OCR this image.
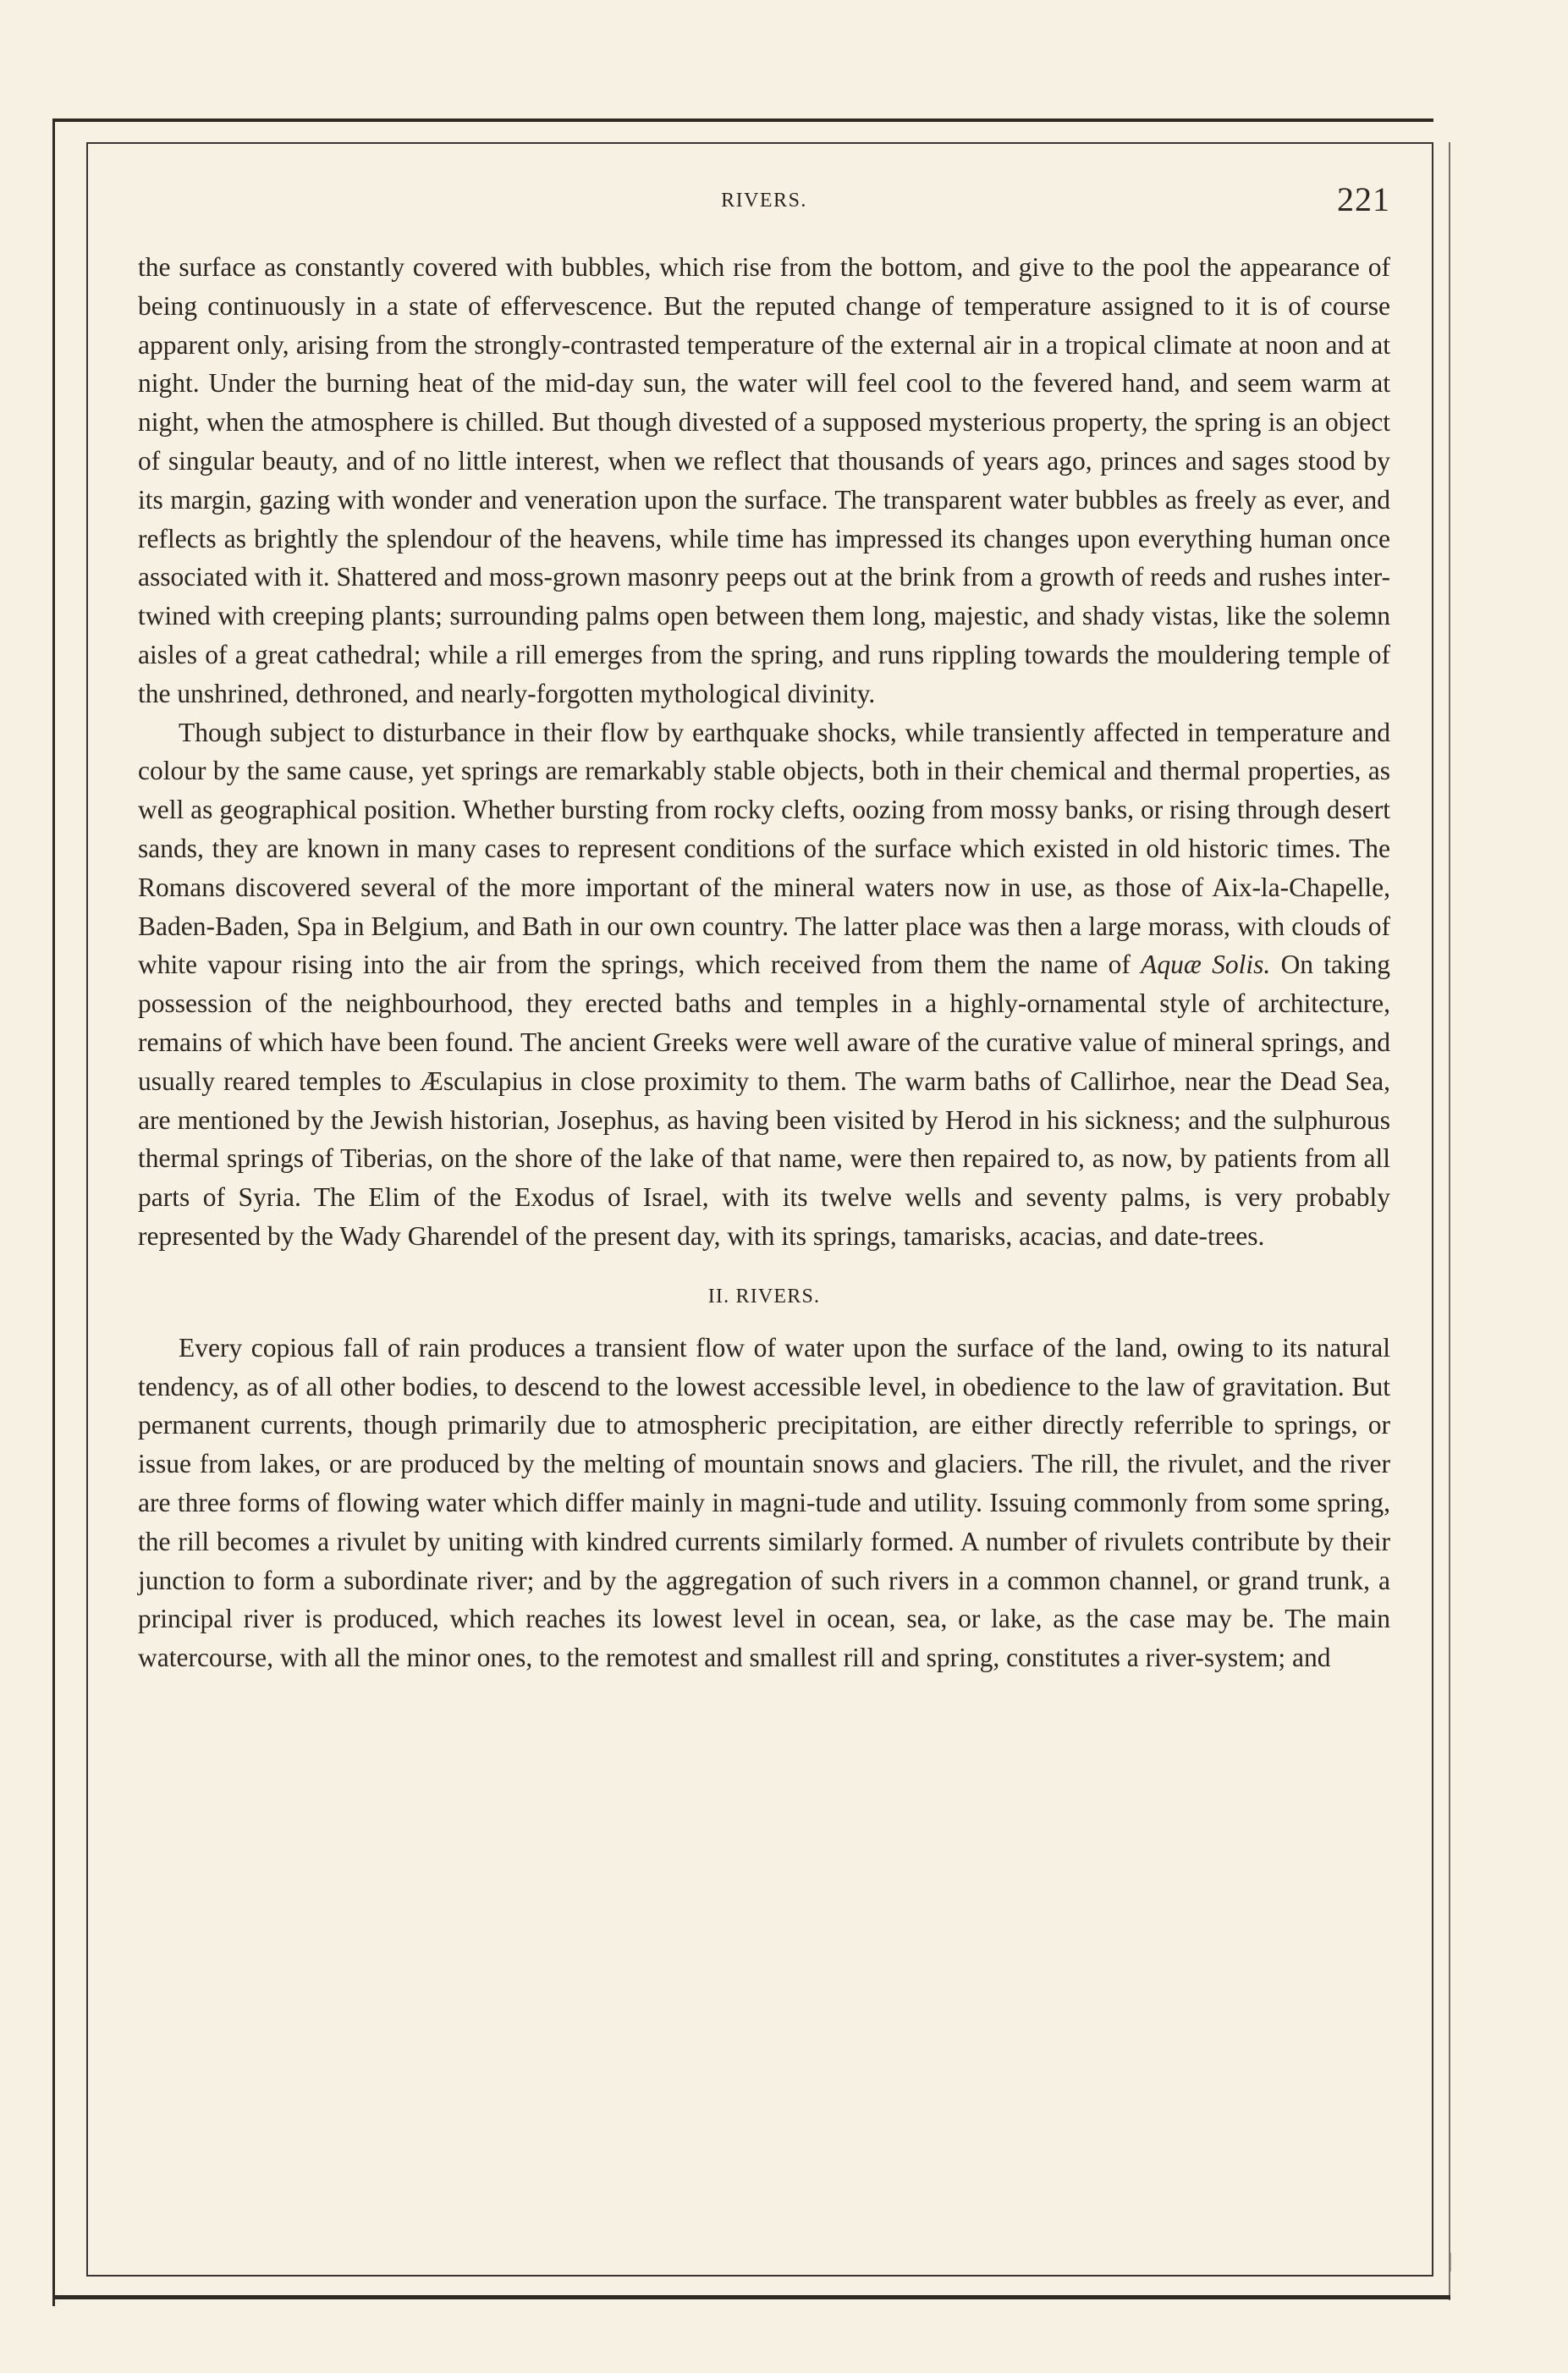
RIVERS.	221

the surface as constantly covered with bubbles, which rise from the bottom, and give to the pool the appearance of being continuously in a state of effervescence. But the reputed change of temperature assigned to it is of course apparent only, arising from the strongly-contrasted temperature of the external air in a tropical climate at noon and at night. Under the burning heat of the mid-day sun, the water will feel cool to the fevered hand, and seem warm at night, when the atmosphere is chilled. But though divested of a supposed mysterious property, the spring is an object of singular beauty, and of no little interest, when we reflect that thousands of years ago, princes and sages stood by its margin, gazing with wonder and veneration upon the surface. The transparent water bubbles as freely as ever, and reflects as brightly the splendour of the heavens, while time has impressed its changes upon everything human once associated with it. Shattered and moss-grown masonry peeps out at the brink from a growth of reeds and rushes inter-twined with creeping plants; surrounding palms open between them long, majestic, and shady vistas, like the solemn aisles of a great cathedral; while a rill emerges from the spring, and runs rippling towards the mouldering temple of the unshrined, dethroned, and nearly-forgotten mythological divinity.

Though subject to disturbance in their flow by earthquake shocks, while transiently affected in temperature and colour by the same cause, yet springs are remarkably stable objects, both in their chemical and thermal properties, as well as geographical position. Whether bursting from rocky clefts, oozing from mossy banks, or rising through desert sands, they are known in many cases to represent conditions of the surface which existed in old historic times. The Romans discovered several of the more important of the mineral waters now in use, as those of Aix-la-Chapelle, Baden-Baden, Spa in Belgium, and Bath in our own country. The latter place was then a large morass, with clouds of white vapour rising into the air from the springs, which received from them the name of Aquæ Solis. On taking possession of the neighbourhood, they erected baths and temples in a highly-ornamental style of architecture, remains of which have been found. The ancient Greeks were well aware of the curative value of mineral springs, and usually reared temples to Æsculapius in close proximity to them. The warm baths of Callirhoe, near the Dead Sea, are mentioned by the Jewish historian, Josephus, as having been visited by Herod in his sickness; and the sulphurous thermal springs of Tiberias, on the shore of the lake of that name, were then repaired to, as now, by patients from all parts of Syria. The Elim of the Exodus of Israel, with its twelve wells and seventy palms, is very probably represented by the Wady Gharendel of the present day, with its springs, tamarisks, acacias, and date-trees.

II. RIVERS.

Every copious fall of rain produces a transient flow of water upon the surface of the land, owing to its natural tendency, as of all other bodies, to descend to the lowest accessible level, in obedience to the law of gravitation. But permanent currents, though primarily due to atmospheric precipitation, are either directly referrible to springs, or issue from lakes, or are produced by the melting of mountain snows and glaciers. The rill, the rivulet, and the river are three forms of flowing water which differ mainly in magni-tude and utility. Issuing commonly from some spring, the rill becomes a rivulet by uniting with kindred currents similarly formed. A number of rivulets contribute by their junction to form a subordinate river; and by the aggregation of such rivers in a common channel, or grand trunk, a principal river is produced, which reaches its lowest level in ocean, sea, or lake, as the case may be. The main watercourse, with all the minor ones, to the remotest and smallest rill and spring, constitutes a river-system; and
